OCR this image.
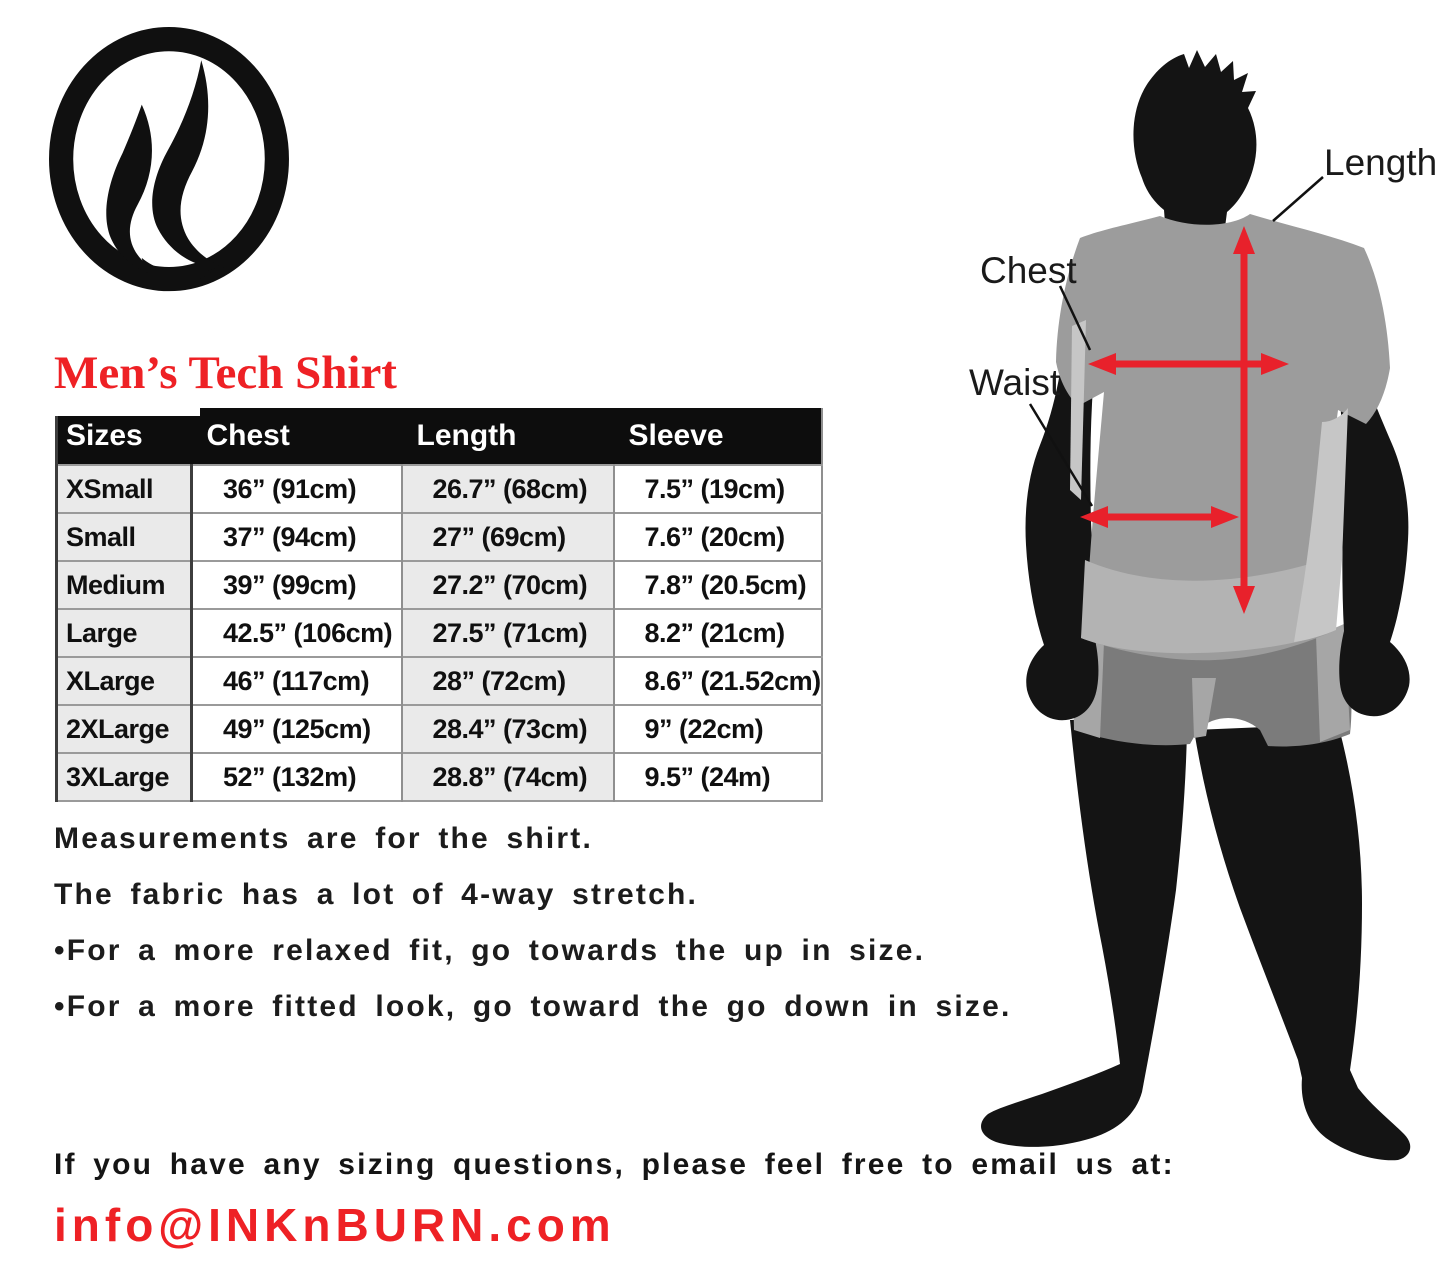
Men’s Tech Shirt
Sizes	Chest	Length	Sleeve
XSmall	36” (91cm)	26.7” (68cm)	7.5” (19cm)
Small	37” (94cm)	27” (69cm)	7.6” (20cm)
Medium	39” (99cm)	27.2” (70cm)	7.8” (20.5cm)
Large	42.5” (106cm)	27.5” (71cm)	8.2” (21cm)
XLarge	46” (117cm)	28” (72cm)	8.6” (21.52cm)
2XLarge	49” (125cm)	28.4” (73cm)	9” (22cm)
3XLarge	52” (132m)	28.8” (74cm)	9.5” (24m)
Measurements are for the shirt.
The fabric has a lot of 4-way stretch.
•For a more relaxed fit, go towards the up in size.
•For a more fitted look, go toward the go down in size.
If you have any sizing questions, please feel free to email us at:
info@INKnBURN.com
Length
Chest
Waist
